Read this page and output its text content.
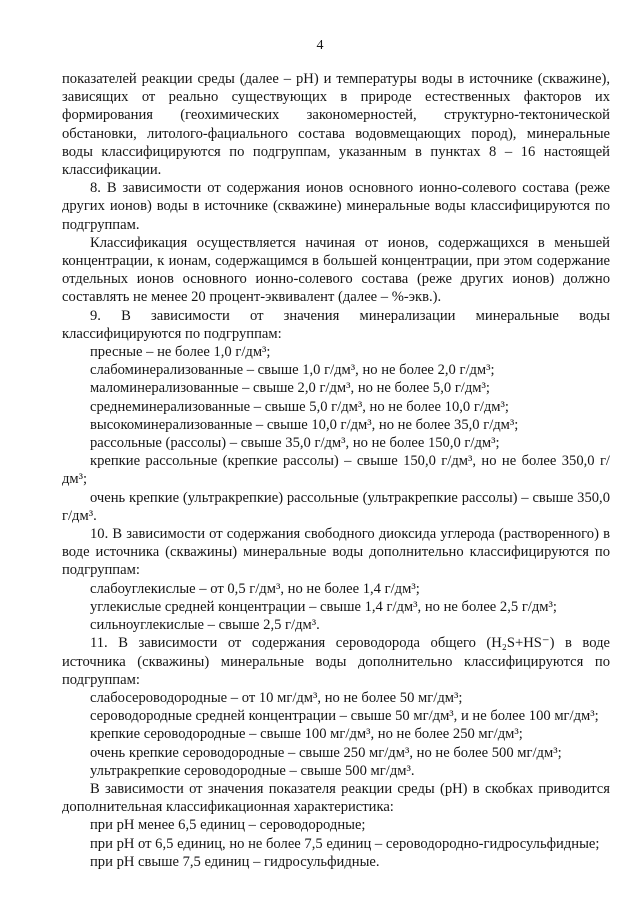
4

показателей реакции среды (далее – pH) и температуры воды в источнике (скважине), зависящих от реально существующих в природе естественных факторов их формирования (геохимических закономерностей, структурно-тектонической обстановки, литолого-фациального состава водовмещающих пород), минеральные воды классифицируются по подгруппам, указанным в пунктах 8 – 16 настоящей классификации.

8. В зависимости от содержания ионов основного ионно-солевого состава (реже других ионов) воды в источнике (скважине) минеральные воды классифицируются по подгруппам.

Классификация осуществляется начиная от ионов, содержащихся в меньшей концентрации, к ионам, содержащимся в большей концентрации, при этом содержание отдельных ионов основного ионно-солевого состава (реже других ионов) должно составлять не менее 20 процент-эквивалент (далее – %-экв.).

9. В зависимости от значения минерализации минеральные воды классифицируются по подгруппам:

пресные – не более 1,0 г/дм³;

слабоминерализованные – свыше 1,0 г/дм³, но не более 2,0 г/дм³;

маломинерализованные – свыше 2,0 г/дм³, но не более 5,0 г/дм³;

среднеминерализованные – свыше 5,0 г/дм³, но не более 10,0 г/дм³;

высокоминерализованные – свыше 10,0 г/дм³, но не более 35,0 г/дм³;

рассольные (рассолы) – свыше 35,0 г/дм³, но не более 150,0 г/дм³;

крепкие рассольные (крепкие рассолы) – свыше 150,0 г/дм³, но не более 350,0 г/дм³;

очень крепкие (ультракрепкие) рассольные (ультракрепкие рассолы) – свыше 350,0 г/дм³.

10. В зависимости от содержания свободного диоксида углерода (растворенного) в воде источника (скважины) минеральные воды дополнительно классифицируются по подгруппам:

слабоуглекислые – от 0,5 г/дм³, но не более 1,4 г/дм³;

углекислые средней концентрации – свыше 1,4 г/дм³, но не более 2,5 г/дм³;

сильноуглекислые – свыше 2,5 г/дм³.

11. В зависимости от содержания сероводорода общего (H₂S+HS⁻) в воде источника (скважины) минеральные воды дополнительно классифицируются по подгруппам:

слабосероводородные – от 10 мг/дм³, но не более 50 мг/дм³;

сероводородные средней концентрации – свыше 50 мг/дм³, и не более 100 мг/дм³;

крепкие сероводородные – свыше 100 мг/дм³, но не более 250 мг/дм³;

очень крепкие сероводородные – свыше 250 мг/дм³, но не более 500 мг/дм³;

ультракрепкие сероводородные – свыше 500 мг/дм³.

В зависимости от значения показателя реакции среды (pH) в скобках приводится дополнительная классификационная характеристика:

при pH менее 6,5 единиц – сероводородные;

при pH от 6,5 единиц, но не более 7,5 единиц – сероводородно-гидросульфидные;

при pH свыше 7,5 единиц – гидросульфидные.
